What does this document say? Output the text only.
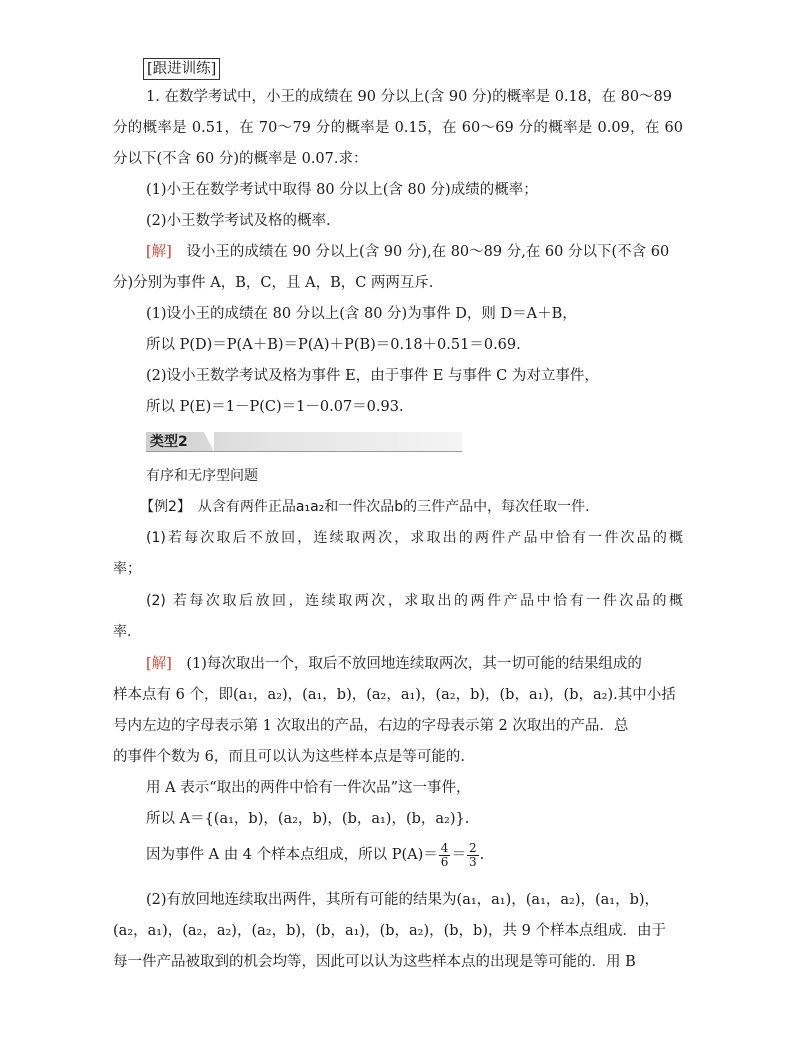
[跟进训练]
1. 在数学考试中，小王的成绩在 90 分以上(含 90 分)的概率是 0.18，在 80～89
分的概率是 0.51，在 70～79 分的概率是 0.15，在 60～69 分的概率是 0.09，在 60
分以下(不含 60 分)的概率是 0.07.求：
(1)小王在数学考试中取得 80 分以上(含 80 分)成绩的概率；
(2)小王数学考试及格的概率.
[解]　设小王的成绩在 90 分以上(含 90 分),在 80～89 分,在 60 分以下(不含 60
分)分别为事件 A，B，C，且 A，B，C 两两互斥.
(1)设小王的成绩在 80 分以上(含 80 分)为事件 D，则 D＝A＋B，
所以 P(D)＝P(A＋B)＝P(A)＋P(B)＝0.18＋0.51＝0.69.
(2)设小王数学考试及格为事件 E，由于事件 E 与事件 C 为对立事件，
所以 P(E)＝1－P(C)＝1－0.07＝0.93.
类型2
有序和无序型问题
【例2】　从含有两件正品a₁a₂和一件次品b的三件产品中，每次任取一件.
(1)若每次取后不放回，连续取两次，求取出的两件产品中恰有一件次品的概
率；
(2) 若每次取后放回，连续取两次，求取出的两件产品中恰有一件次品的概
率.
[解]　(1)每次取出一个，取后不放回地连续取两次，其一切可能的结果组成的
样本点有 6 个，即(a₁，a₂)，(a₁，b)，(a₂，a₁)，(a₂，b)，(b，a₁)，(b，a₂).其中小括
号内左边的字母表示第 1 次取出的产品，右边的字母表示第 2 次取出的产品．总
的事件个数为 6，而且可以认为这些样本点是等可能的.
用 A 表示“取出的两件中恰有一件次品”这一事件，
所以 A＝{(a₁，b)，(a₂，b)，(b，a₁)，(b，a₂)}.
因为事件 A 由 4 个样本点组成，所以 $P(A)= \frac{4}{6} = \frac{2}{3}$ .
(2)有放回地连续取出两件，其所有可能的结果为(a₁，a₁)，(a₁，a₂)，(a₁，b)，
(a₂，a₁)，(a₂，a₂)，(a₂，b)，(b，a₁)，(b，a₂)，(b，b)，共 9 个样本点组成．由于
每一件产品被取到的机会均等，因此可以认为这些样本点的出现是等可能的．用 B
